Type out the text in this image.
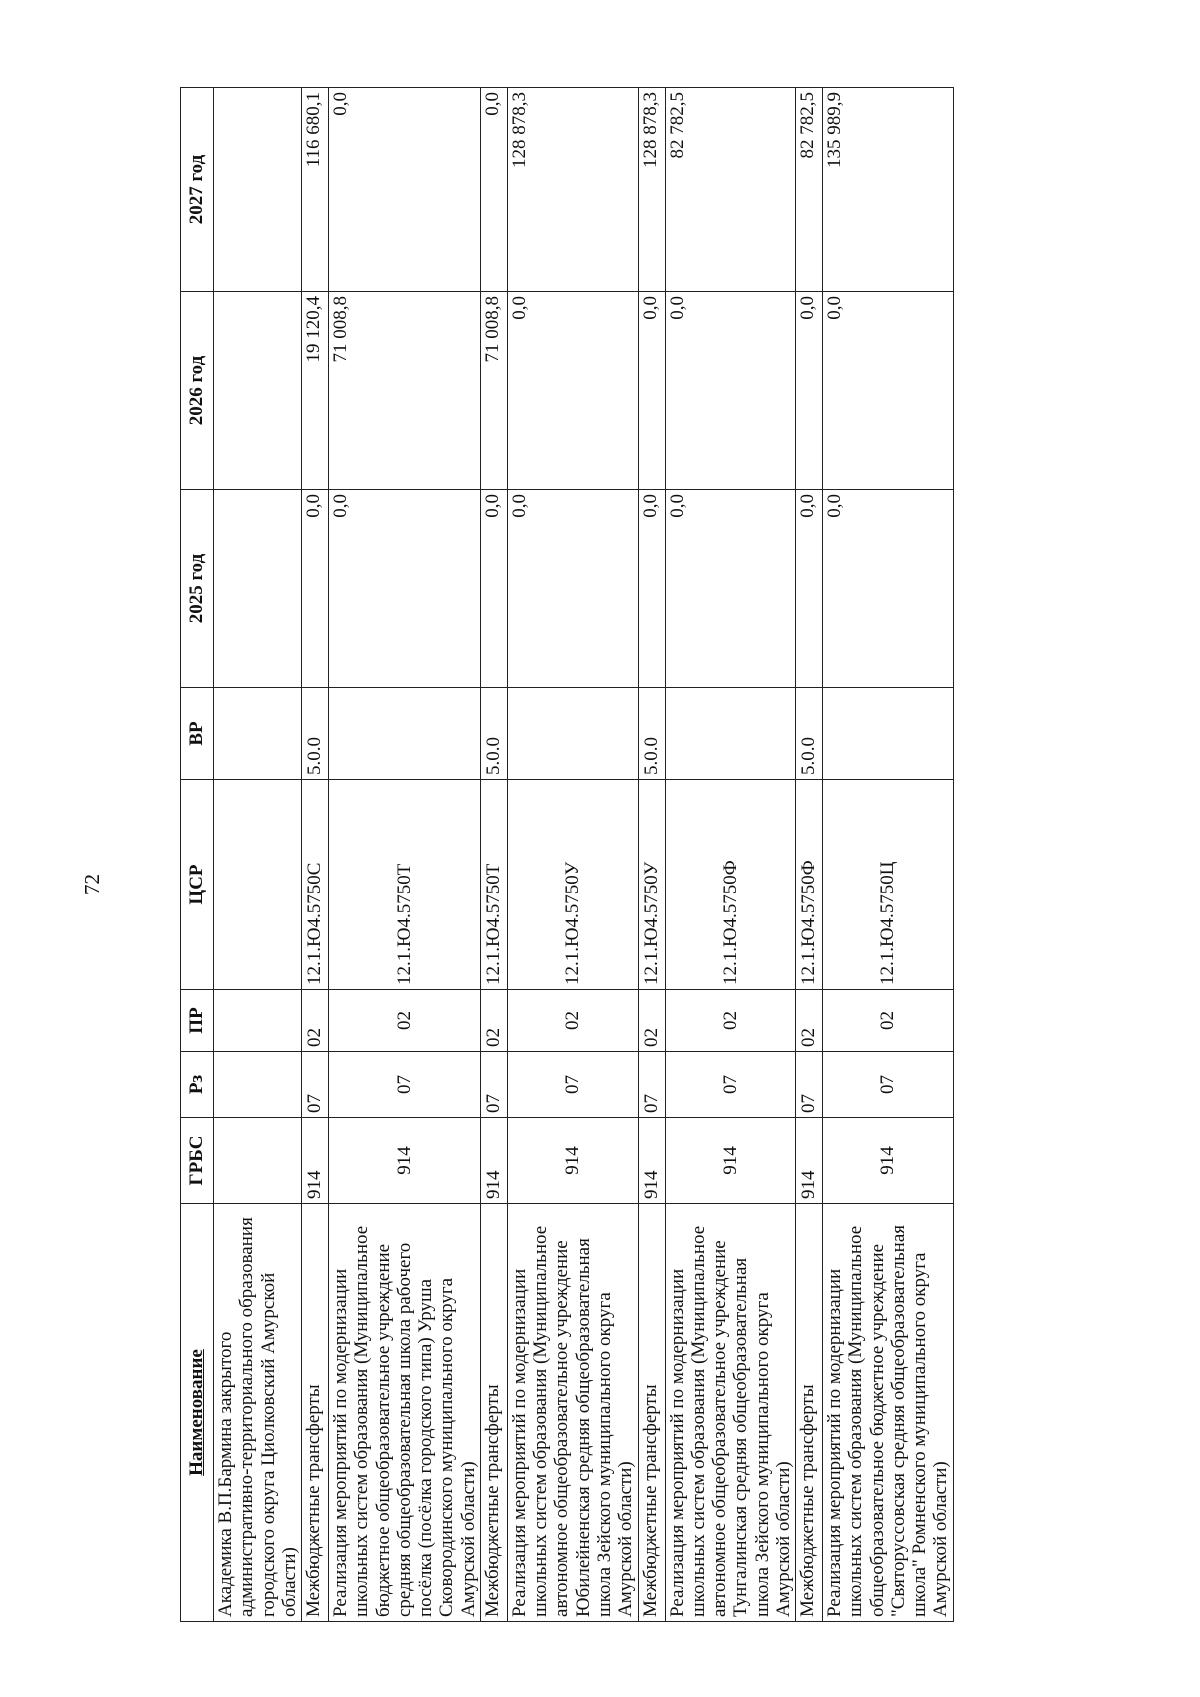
72
Наименование	ГРБС	Рз	ПР	ЦСР	ВР	2025 год	2026 год	2027 год
Академика В.П.Бармина закрытого административно-территориального образования городского округа Циолковский Амурской области)								
Межбюджетные трансферты	914	07	02	12.1.Ю4.5750С	5.0.0	0,0	19 120,4	116 680,1
Реализация мероприятий по модернизации школьных систем образования (Муниципальное бюджетное общеобразовательное учреждение средняя общеобразовательная школа рабочего посёлка (посёлка городского типа) Уруша Сковородинского муниципального округа Амурской области)	914	07	02	12.1.Ю4.5750Т		0,0	71 008,8	0,0
Межбюджетные трансферты	914	07	02	12.1.Ю4.5750Т	5.0.0	0,0	71 008,8	0,0
Реализация мероприятий по модернизации школьных систем образования (Муниципальное автономное общеобразовательное учреждение Юбилейненская средняя общеобразовательная школа Зейского муниципального округа Амурской области)	914	07	02	12.1.Ю4.5750У		0,0	0,0	128 878,3
Межбюджетные трансферты	914	07	02	12.1.Ю4.5750У	5.0.0	0,0	0,0	128 878,3
Реализация мероприятий по модернизации школьных систем образования (Муниципальное автономное общеобразовательное учреждение Тунгалинская средняя общеобразовательная школа Зейского муниципального округа Амурской области)	914	07	02	12.1.Ю4.5750Ф		0,0	0,0	82 782,5
Межбюджетные трансферты	914	07	02	12.1.Ю4.5750Ф	5.0.0	0,0	0,0	82 782,5
Реализация мероприятий по модернизации школьных систем образования (Муниципальное общеобразовательное бюджетное учреждение "Святоруссовская средняя общеобразовательная школа" Ромненского муниципального округа Амурской области)	914	07	02	12.1.Ю4.5750Ц		0,0	0,0	135 989,9
